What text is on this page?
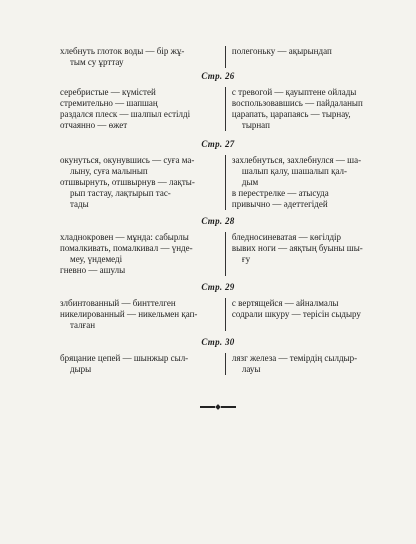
хлебнуть глоток воды — бір жұ-
тым су ұрттау
полегоньку — ақырындап
Стр. 26
серебристые — күмістей
стремительно — шапшаң
раздался плеск — шалпыл естілді
отчаянно — өжет
с тревогой — қауыптене ойлады
воспользовавшись — пайдаланып
царапать, царапаясь — тырнау,
тырнап
Стр. 27
окунуться, окунувшись — суға ма-
лыну, суға малынып
отшвырнуть, отшвырнув — лақты-
рып тастау, лақтырып тас-
тады
захлебнуться, захлебнулся — ша-
шалып қалу, шашалып қал-
дым
в перестрелке — атысуда
привычно — әдеттегідей
Стр. 28
хладнокровен — мұнда: сабырлы
помалкивать, помалкивал — үнде-
меу, үндемеді
гневно — ашулы
бледносиневатая — көгілдір
вывих ноги — аяқтың буыны шы-
ғу
Стр. 29
злбинтованный — бинттелген
никелированный — никельмен қап-
талған
с вертящейся — айналмалы
содрали шкуру — терісін сыдыру
Стр. 30
бряцание цепей — шынжыр сыл-
дыры
лязг железа — темірдің сылдыр-
лауы
